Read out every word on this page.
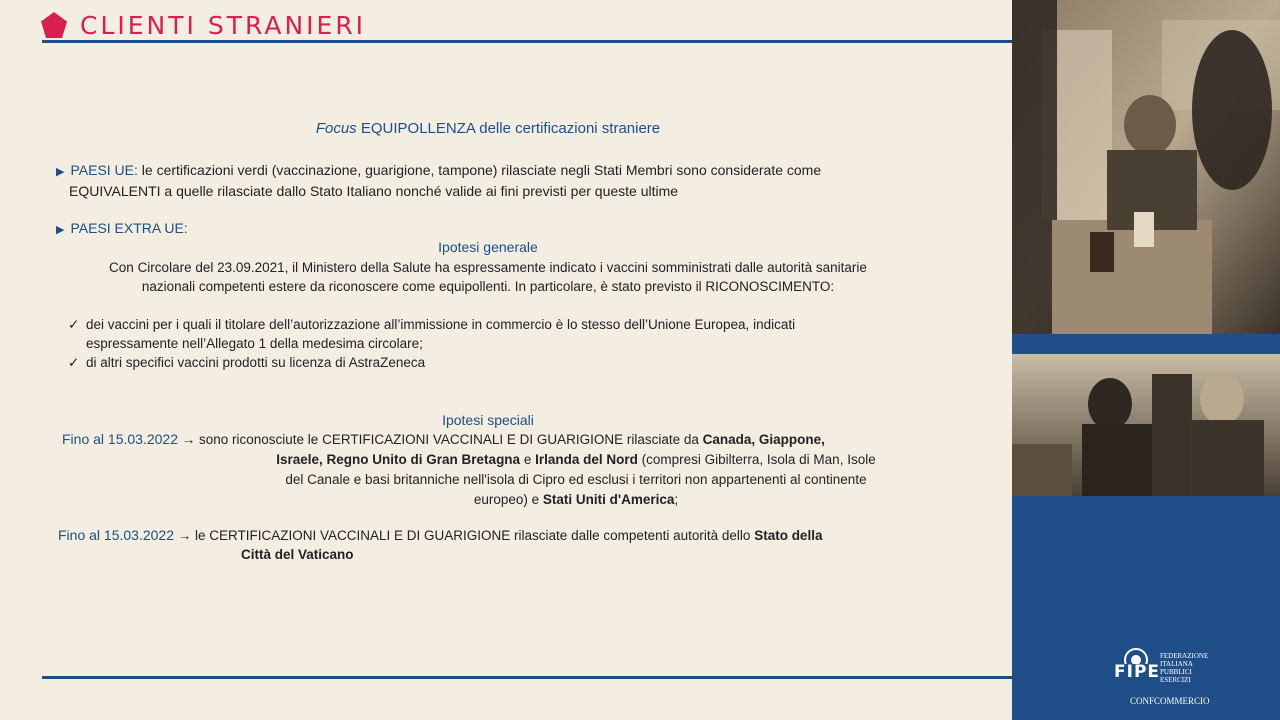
CLIENTI STRANIERI
Focus EQUIPOLLENZA delle certificazioni straniere
▶ PAESI UE: le certificazioni verdi (vaccinazione, guarigione, tampone) rilasciate negli Stati Membri sono considerate come
EQUIVALENTI a quelle rilasciate dallo Stato Italiano nonché valide ai fini previsti per queste ultime
▶ PAESI EXTRA UE:
Ipotesi generale
Con Circolare del 23.09.2021, il Ministero della Salute ha espressamente indicato i vaccini somministrati dalle autorità sanitarie
nazionali competenti estere da riconoscere come equipollenti. In particolare, è stato previsto il RICONOSCIMENTO:
✓ dei vaccini per i quali il titolare dell’autorizzazione all’immissione in commercio è lo stesso dell’Unione Europea, indicati
espressamente nell’Allegato 1 della medesima circolare;
✓ di altri specifici vaccini prodotti su licenza di AstraZeneca
Ipotesi speciali
Fino al 15.03.2022 → sono riconosciute le CERTIFICAZIONI VACCINALI E DI GUARIGIONE rilasciate da Canada, Giappone,
Israele, Regno Unito di Gran Bretagna e Irlanda del Nord (compresi Gibilterra, Isola di Man, Isole
del Canale e basi britanniche nell'isola di Cipro ed esclusi i territori non appartenenti al continente
europeo) e Stati Uniti d'America;
Fino al 15.03.2022 → le CERTIFICAZIONI VACCINALI E DI GUARIGIONE rilasciate dalle competenti autorità dello Stato della
Città del Vaticano
FIPE
FEDERAZIONE
ITALIANA
PUBBLICI
ESERCIZI
CONFCOMMERCIO
